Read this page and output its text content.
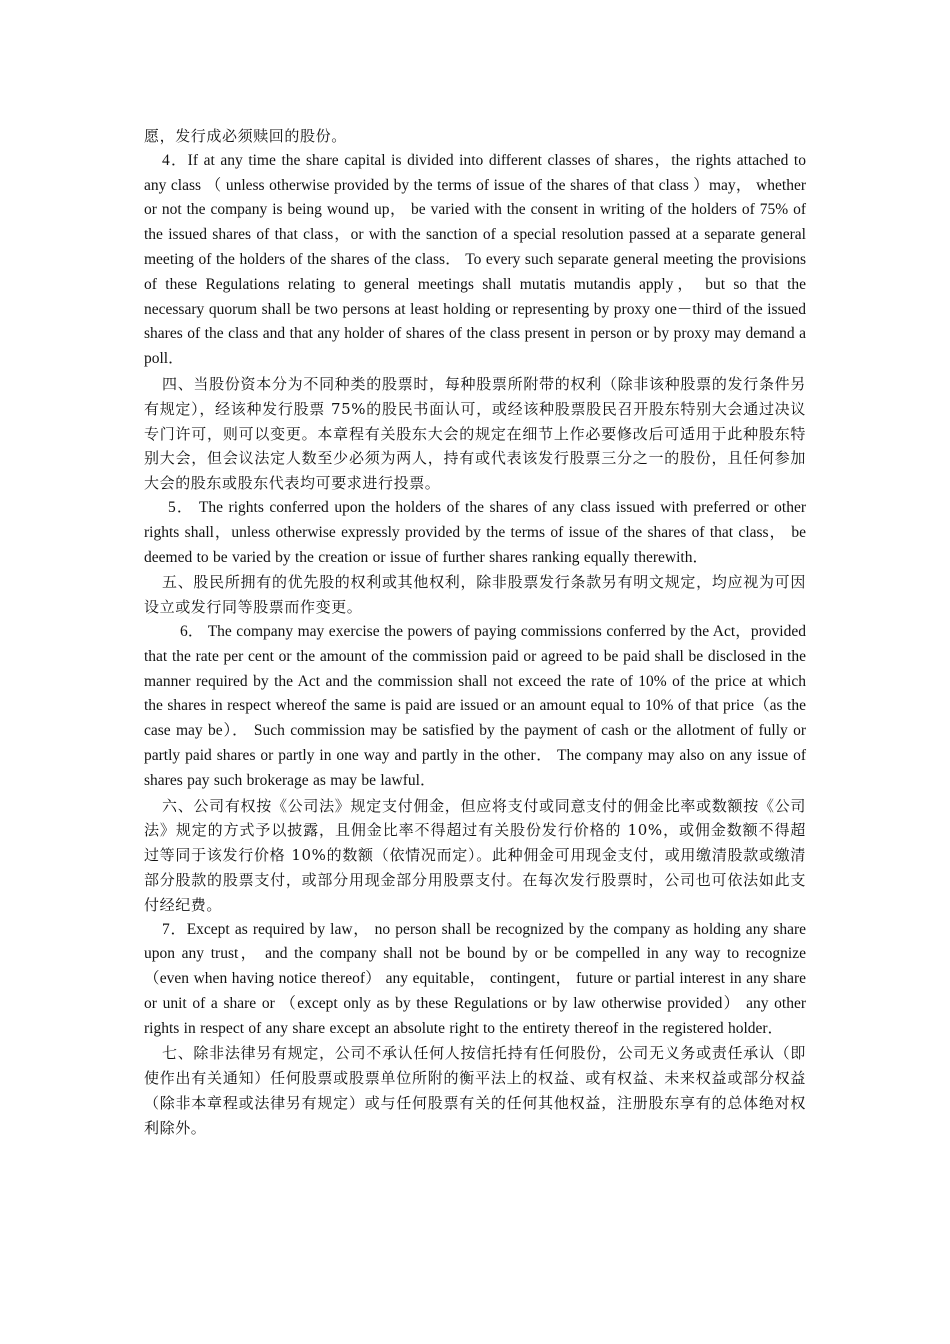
愿，发行成必须赎回的股份。

4．If at any time the share capital is divided into different classes of shares，the rights attached to any class （ unless otherwise provided by the terms of issue of the shares of that class ）may， whether or not the company is being wound up， be varied with the consent in writing of the holders of 75% of the issued shares of that class，or with the sanction of a special resolution passed at a separate general meeting of the holders of the shares of the class． To every such separate general meeting the provisions of these Regulations relating to general meetings shall mutatis mutandis apply， but so that the necessary quorum shall be two persons at least holding or representing by proxy one－third of the issued shares of the class and that any holder of shares of the class present in person or by proxy may demand a poll．

四、当股份资本分为不同种类的股票时，每种股票所附带的权利（除非该种股票的发行条件另有规定），经该种发行股票 75%的股民书面认可，或经该种股票股民召开股东特别大会通过决议专门许可，则可以变更。本章程有关股东大会的规定在细节上作必要修改后可适用于此种股东特别大会，但会议法定人数至少必须为两人，持有或代表该发行股票三分之一的股份，且任何参加大会的股东或股东代表均可要求进行投票。

5． The rights conferred upon the holders of the shares of any class issued with preferred or other rights shall，unless otherwise expressly provided by the terms of issue of the shares of that class， be deemed to be varied by the creation or issue of further shares ranking equally therewith．

五、股民所拥有的优先股的权利或其他权利，除非股票发行条款另有明文规定，均应视为可因设立或发行同等股票而作变更。

6． The company may exercise the powers of paying commissions conferred by the Act，provided that the rate per cent or the amount of the commission paid or agreed to be paid shall be disclosed in the manner required by the Act and the commission shall not exceed the rate of 10% of the price at which the shares in respect whereof the same is paid are issued or an amount equal to 10% of that price（as the case may be）． Such commission may be satisfied by the payment of cash or the allotment of fully or partly paid shares or partly in one way and partly in the other． The company may also on any issue of shares pay such brokerage as may be lawful．

六、公司有权按《公司法》规定支付佣金，但应将支付或同意支付的佣金比率或数额按《公司法》规定的方式予以披露，且佣金比率不得超过有关股份发行价格的 10%，或佣金数额不得超过等同于该发行价格 10%的数额（依情况而定）。此种佣金可用现金支付，或用缴清股款或缴清部分股款的股票支付，或部分用现金部分用股票支付。在每次发行股票时，公司也可依法如此支付经纪费。

7．Except as required by law， no person shall be recognized by the company as holding any share upon any trust， and the company shall not be bound by or be compelled in any way to recognize （even when having notice thereof） any equitable， contingent， future or partial interest in any share or unit of a share or （except only as by these Regulations or by law otherwise provided） any other rights in respect of any share except an absolute right to the entirety thereof in the registered holder．

七、除非法律另有规定，公司不承认任何人按信托持有任何股份，公司无义务或责任承认（即使作出有关通知）任何股票或股票单位所附的衡平法上的权益、或有权益、未来权益或部分权益（除非本章程或法律另有规定）或与任何股票有关的任何其他权益，注册股东享有的总体绝对权利除外。
